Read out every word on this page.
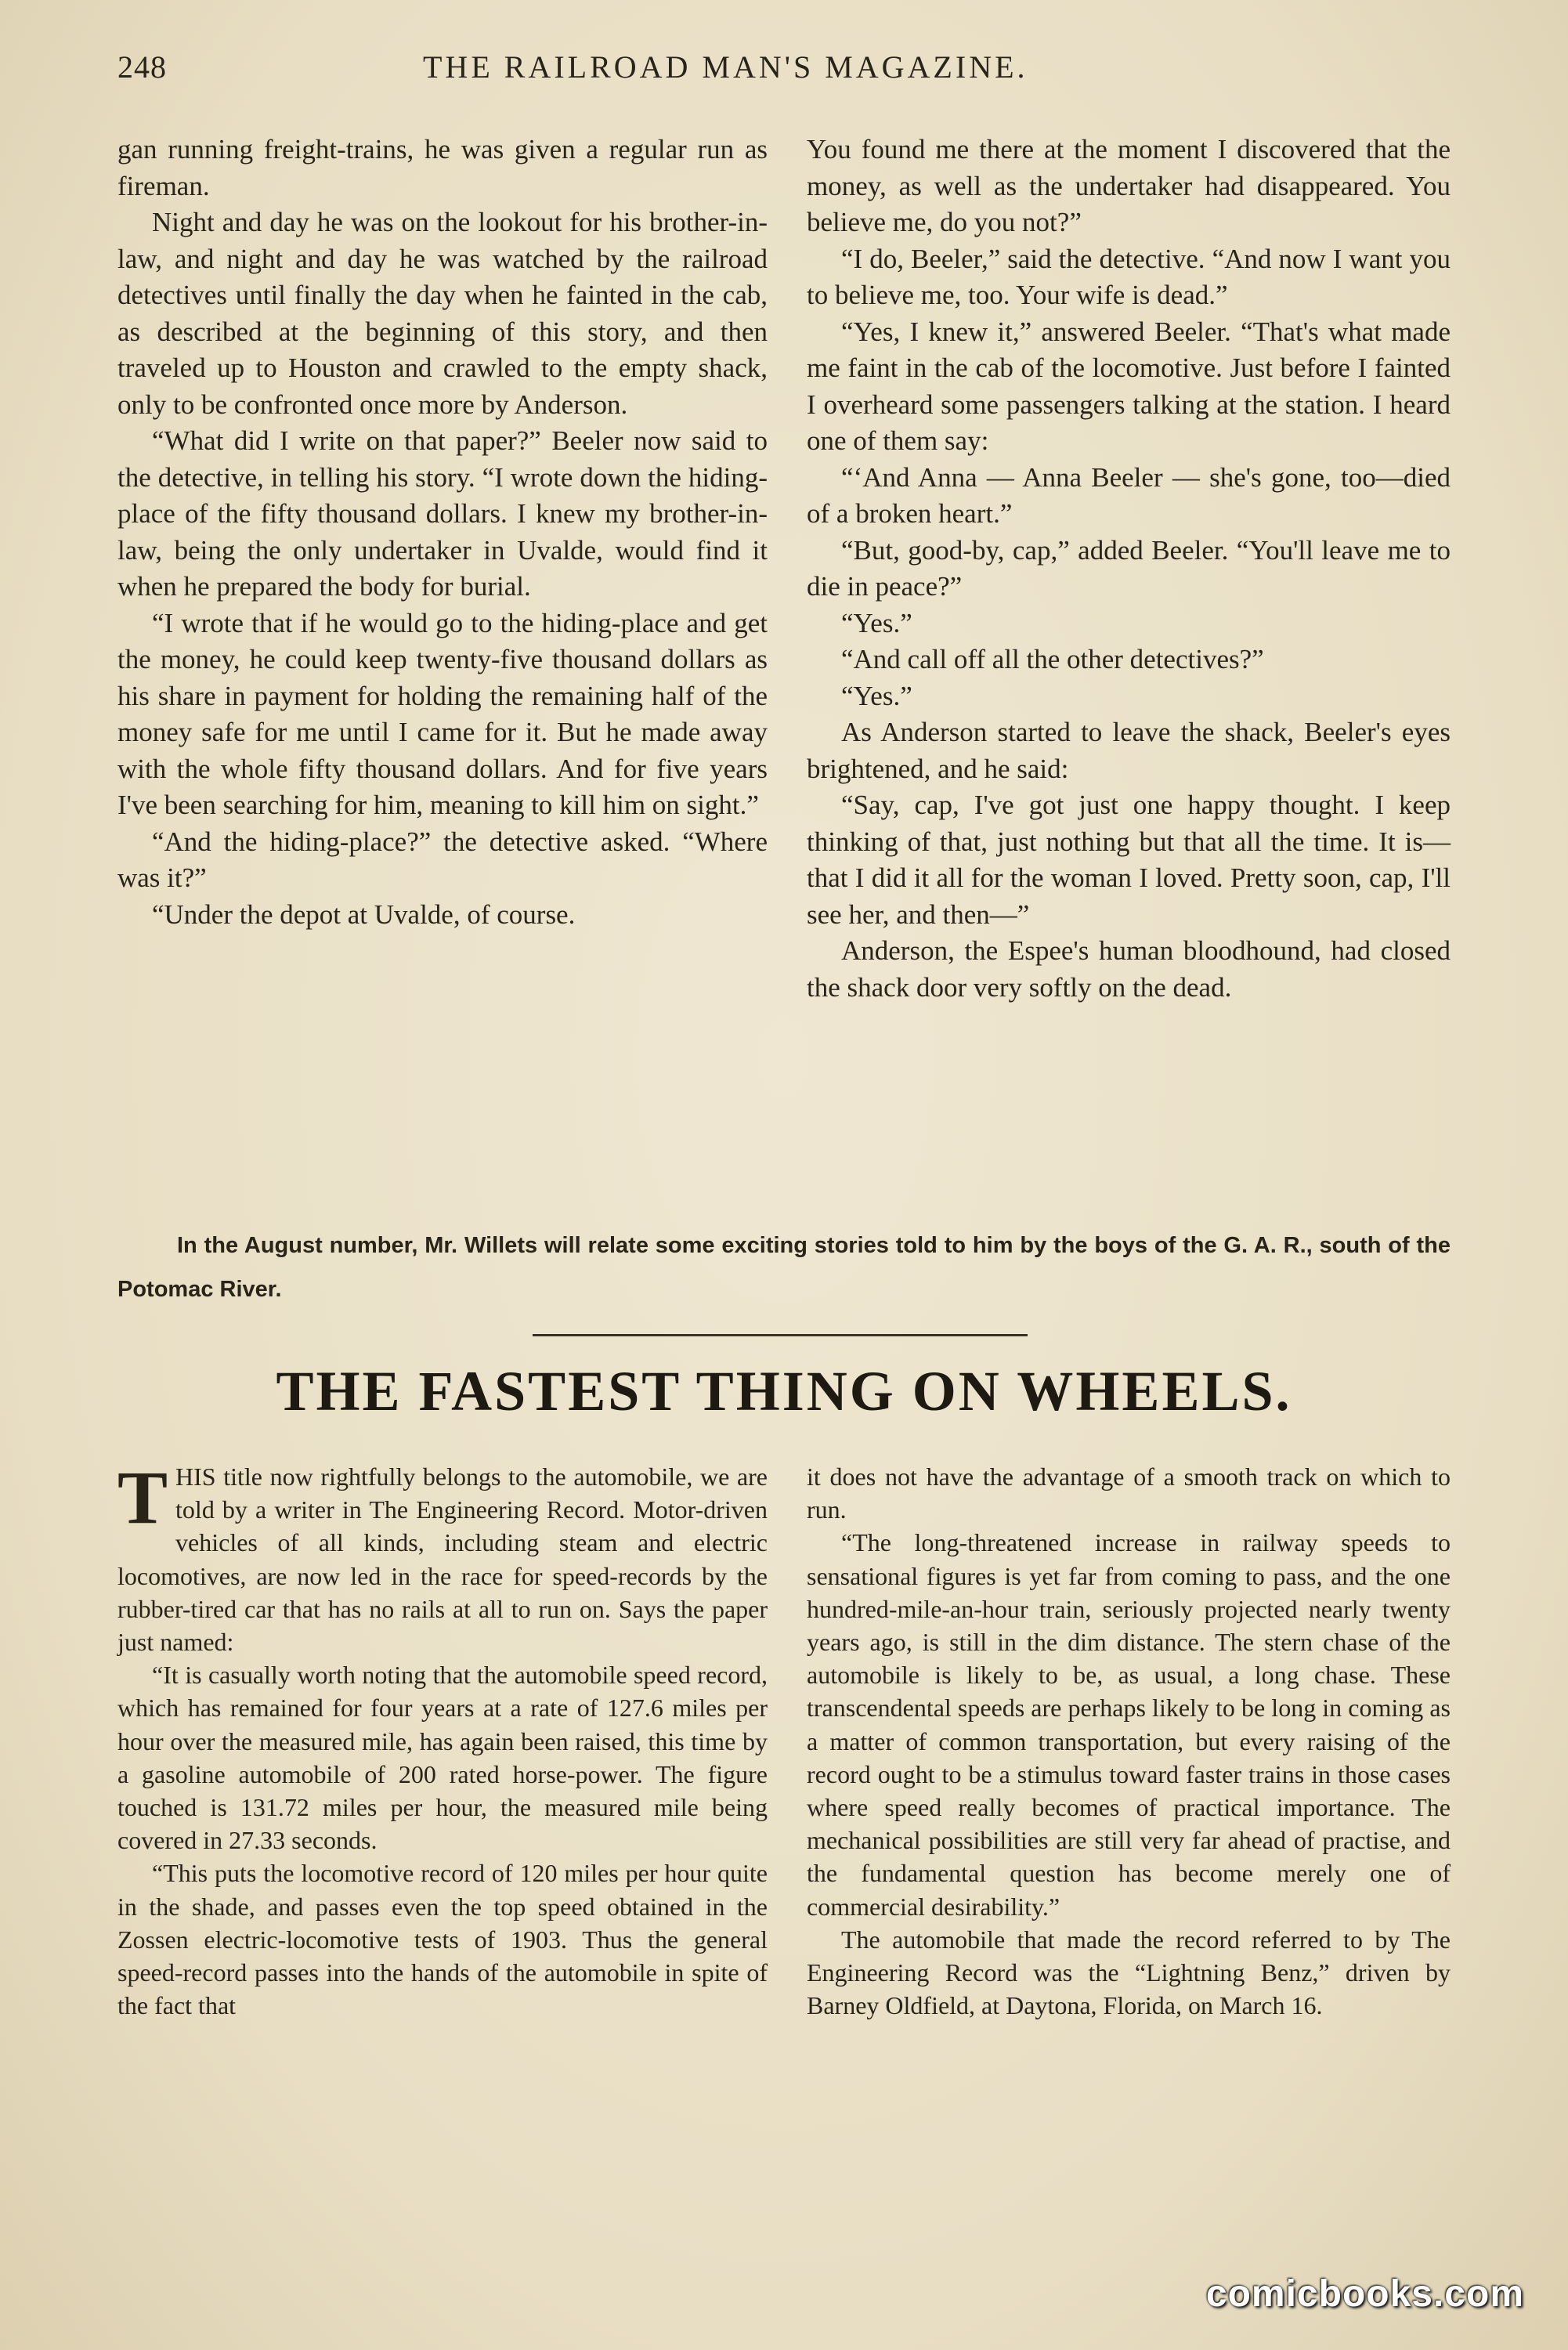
248	THE RAILROAD MAN'S MAGAZINE.

gan running freight-trains, he was given a regular run as fireman.

Night and day he was on the lookout for his brother-in-law, and night and day he was watched by the railroad detectives until finally the day when he fainted in the cab, as described at the beginning of this story, and then traveled up to Houston and crawled to the empty shack, only to be confronted once more by Anderson.

“What did I write on that paper?” Beeler now said to the detective, in telling his story. “I wrote down the hiding-place of the fifty thousand dollars. I knew my brother-in-law, being the only undertaker in Uvalde, would find it when he prepared the body for burial.

“I wrote that if he would go to the hiding-place and get the money, he could keep twenty-five thousand dollars as his share in payment for holding the remaining half of the money safe for me until I came for it. But he made away with the whole fifty thousand dollars. And for five years I've been searching for him, meaning to kill him on sight.”

“And the hiding-place?” the detective asked. “Where was it?”

“Under the depot at Uvalde, of course.

You found me there at the moment I discovered that the money, as well as the undertaker had disappeared. You believe me, do you not?”

“I do, Beeler,” said the detective. “And now I want you to believe me, too. Your wife is dead.”

“Yes, I knew it,” answered Beeler. “That's what made me faint in the cab of the locomotive. Just before I fainted I overheard some passengers talking at the station. I heard one of them say:

“‘And Anna — Anna Beeler — she's gone, too—died of a broken heart.”

“But, good-by, cap,” added Beeler. “You'll leave me to die in peace?”

“Yes.”

“And call off all the other detectives?”

“Yes.”

As Anderson started to leave the shack, Beeler's eyes brightened, and he said:

“Say, cap, I've got just one happy thought. I keep thinking of that, just nothing but that all the time. It is—that I did it all for the woman I loved. Pretty soon, cap, I'll see her, and then—”

Anderson, the Espee's human bloodhound, had closed the shack door very softly on the dead.

In the August number, Mr. Willets will relate some exciting stories told to him by the boys of the G. A. R., south of the Potomac River.
THE FASTEST THING ON WHEELS.
T HIS title now rightfully belongs to the automobile, we are told by a writer in The Engineering Record. Motor-driven vehicles of all kinds, including steam and electric locomotives, are now led in the race for speed-records by the rubber-tired car that has no rails at all to run on. Says the paper just named:

“It is casually worth noting that the automobile speed record, which has remained for four years at a rate of 127.6 miles per hour over the measured mile, has again been raised, this time by a gasoline automobile of 200 rated horse-power. The figure touched is 131.72 miles per hour, the measured mile being covered in 27.33 seconds.

“This puts the locomotive record of 120 miles per hour quite in the shade, and passes even the top speed obtained in the Zossen electric-locomotive tests of 1903. Thus the general speed-record passes into the hands of the automobile in spite of the fact that

it does not have the advantage of a smooth track on which to run.

“The long-threatened increase in railway speeds to sensational figures is yet far from coming to pass, and the one hundred-mile-an-hour train, seriously projected nearly twenty years ago, is still in the dim distance. The stern chase of the automobile is likely to be, as usual, a long chase. These transcendental speeds are perhaps likely to be long in coming as a matter of common transportation, but every raising of the record ought to be a stimulus toward faster trains in those cases where speed really becomes of practical importance. The mechanical possibilities are still very far ahead of practise, and the fundamental question has become merely one of commercial desirability.”

The automobile that made the record referred to by The Engineering Record was the “Lightning Benz,” driven by Barney Oldfield, at Daytona, Florida, on March 16.

comicbooks.com
